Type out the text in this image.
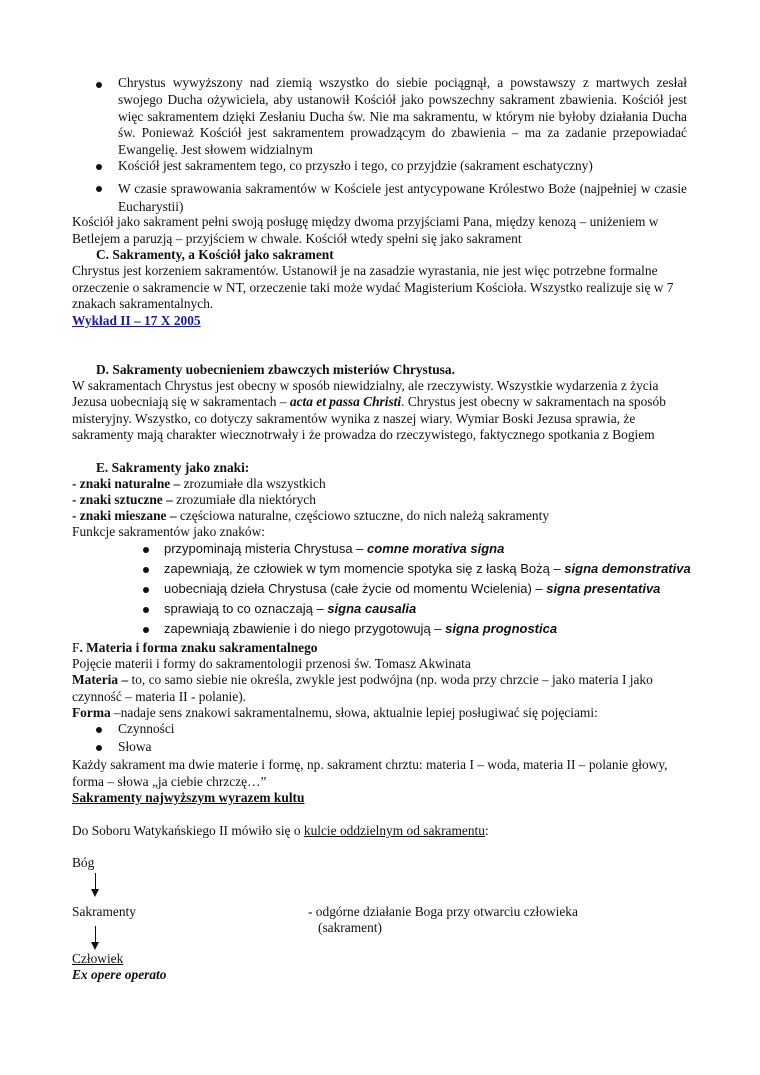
Chrystus wywyższony nad ziemią wszystko do siebie pociągnął, a powstawszy z martwych zesłał swojego Ducha ożywiciela, aby ustanowił Kościół jako powszechny sakrament zbawienia. Kościół jest więc sakramentem dzięki Zesłaniu Ducha św. Nie ma sakramentu, w którym nie byłoby działania Ducha św. Ponieważ Kościół jest sakramentem prowadzącym do zbawienia – ma za zadanie przepowiadać Ewangelię. Jest słowem widzialnym
Kościół jest sakramentem tego, co przyszło i tego, co przyjdzie (sakrament eschatyczny)
W czasie sprawowania sakramentów w Kościele jest antycypowane Królestwo Boże (najpełniej w czasie Eucharystii)
Kościół jako sakrament pełni swoją posługę między dwoma przyjściami Pana, między kenozą – uniżeniem w Betlejem a paruzją – przyjściem w chwale. Kościół wtedy spełni się jako sakrament
C. Sakramenty, a Kościół jako sakrament
Chrystus jest korzeniem sakramentów. Ustanowił je na zasadzie wyrastania, nie jest więc potrzebne formalne orzeczenie o sakramencie w NT, orzeczenie taki może wydać Magisterium Kościoła. Wszystko realizuje się w 7 znakach sakramentalnych.
Wykład II – 17 X 2005
D. Sakramenty uobecnieniem zbawczych misteriów Chrystusa.
W sakramentach Chrystus jest obecny w sposób niewidzialny, ale rzeczywisty. Wszystkie wydarzenia z życia Jezusa uobecniają się w sakramentach – acta et passa Christi. Chrystus jest obecny w sakramentach na sposób misteryjny. Wszystko, co dotyczy sakramentów wynika z naszej wiary. Wymiar Boski Jezusa sprawia, że sakramenty mają charakter wiecznotrwały i że prowadza do rzeczywistego, faktycznego spotkania z Bogiem
E. Sakramenty jako znaki:
- znaki naturalne – zrozumiałe dla wszystkich
- znaki sztuczne – zrozumiałe dla niektórych
- znaki mieszane – częściowa naturalne, częściowo sztuczne, do nich należą sakramenty
Funkcje sakramentów jako znaków:
przypominają misteria Chrystusa – comne morativa signa
zapewniają, że człowiek w tym momencie spotyka się z łaską Bożą – signa demonstrativa
uobecniają dzieła Chrystusa (całe życie od momentu Wcielenia) – signa presentativa
sprawiają to co oznaczają – signa causalia
zapewniają zbawienie i do niego przygotowują – signa prognostica
F. Materia i forma znaku sakramentalnego
Pojęcie materii i formy do sakramentologii przenosi św. Tomasz Akwinata
Materia – to, co samo siebie nie określa, zwykle jest podwójna (np. woda przy chrzcie – jako materia I jako czynność – materia II - polanie).
Forma –nadaje sens znakowi sakramentalnemu, słowa, aktualnie lepiej posługiwać się pojęciami:
Czynności
Słowa
Każdy sakrament ma dwie materie i formę, np. sakrament chrztu: materia I – woda, materia II – polanie głowy, forma – słowa „ja ciebie chrzczę…”
Sakramenty najwyższym wyrazem kultu
Do Soboru Watykańskiego II mówiło się o kulcie oddzielnym od sakramentu:
Bóg
Sakramenty	- odgórne działanie Boga przy otwarciu człowieka
(sakrament)
Człowiek
Ex opere operato
